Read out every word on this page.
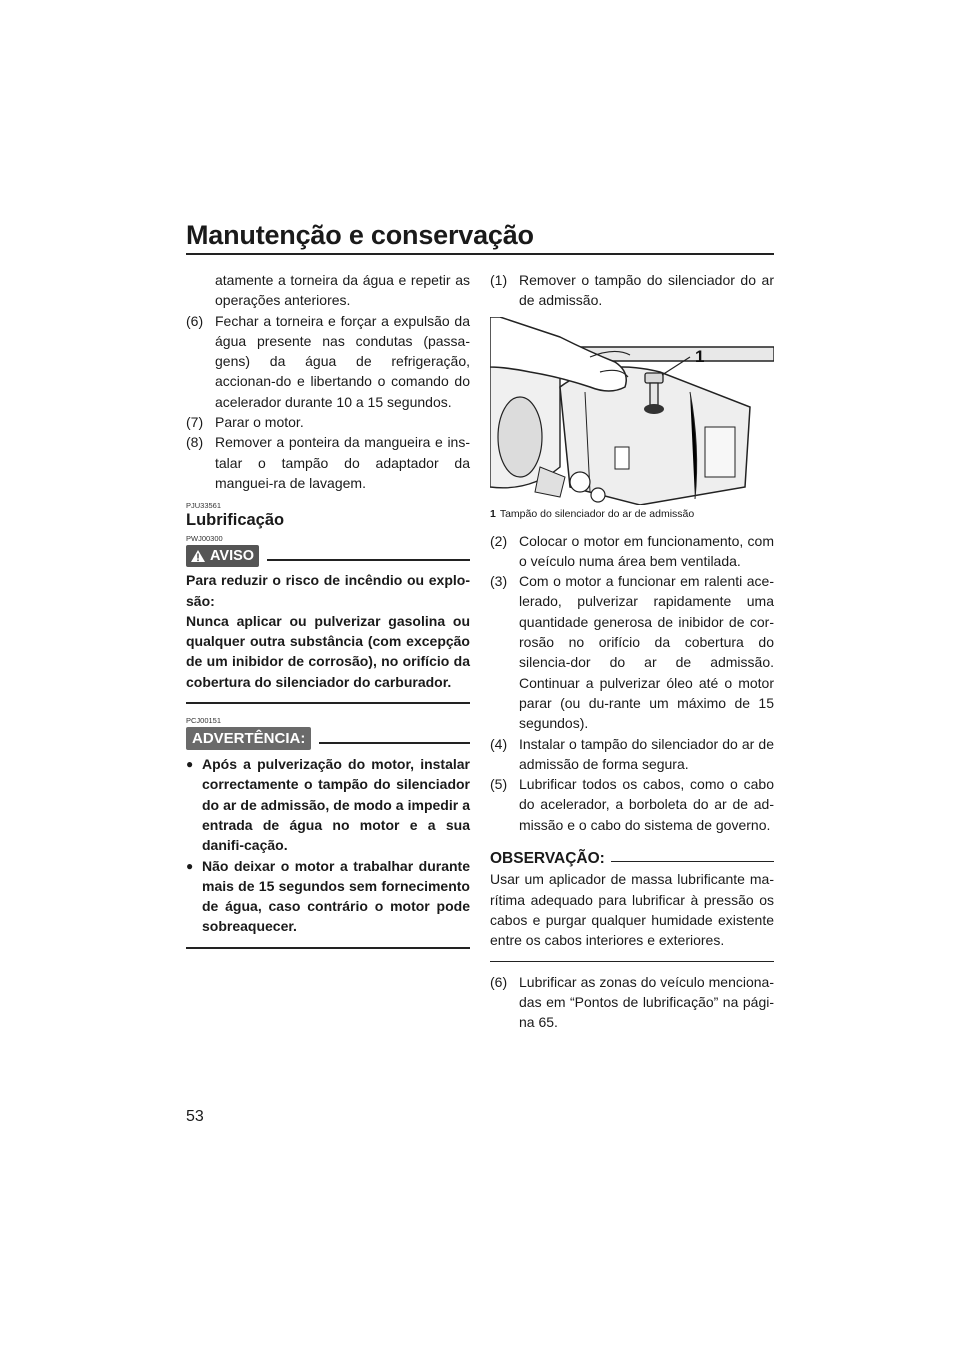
Manutenção e conservação

atamente a torneira da água e repetir as operações anteriores.

(6) Fechar a torneira e forçar a expulsão da água presente nas condutas (passa-gens) da água de refrigeração, accionan-do e libertando o comando do acelerador durante 10 a 15 segundos.
(7) Parar o motor.
(8) Remover a ponteira da mangueira e ins-talar o tampão do adaptador da manguei-ra de lavagem.
PJU33561
Lubrificação
PWJ00300
AVISO

Para reduzir o risco de incêndio ou explo-são:

Nunca aplicar ou pulverizar gasolina ou qualquer outra substância (com excepção de um inibidor de corrosão), no orifício da cobertura do silenciador do carburador.

PCJ00151
ADVERTÊNCIA:
● Após a pulverização do motor, instalar correctamente o tampão do silenciador do ar de admissão, de modo a impedir a entrada de água no motor e a sua danifi-cação.
● Não deixar o motor a trabalhar durante mais de 15 segundos sem fornecimento de água, caso contrário o motor pode sobreaquecer.
(1) Remover o tampão do silenciador do ar de admissão.
1

1 Tampão do silenciador do ar de admissão

(2) Colocar o motor em funcionamento, com o veículo numa área bem ventilada.
(3) Com o motor a funcionar em ralenti ace-lerado, pulverizar rapidamente uma quantidade generosa de inibidor de cor-rosão no orifício da cobertura do silencia-dor do ar de admissão. Continuar a pulverizar óleo até o motor parar (ou du-rante um máximo de 15 segundos).
(4) Instalar o tampão do silenciador do ar de admissão de forma segura.
(5) Lubrificar todos os cabos, como o cabo do acelerador, a borboleta do ar de ad-missão e o cabo do sistema de governo.
OBSERVAÇÃO:

Usar um aplicador de massa lubrificante ma-rítima adequado para lubrificar à pressão os cabos e purgar qualquer humidade existente entre os cabos interiores e exteriores.

(6) Lubrificar as zonas do veículo menciona-das em “Pontos de lubrificação” na pági-na 65.
53
